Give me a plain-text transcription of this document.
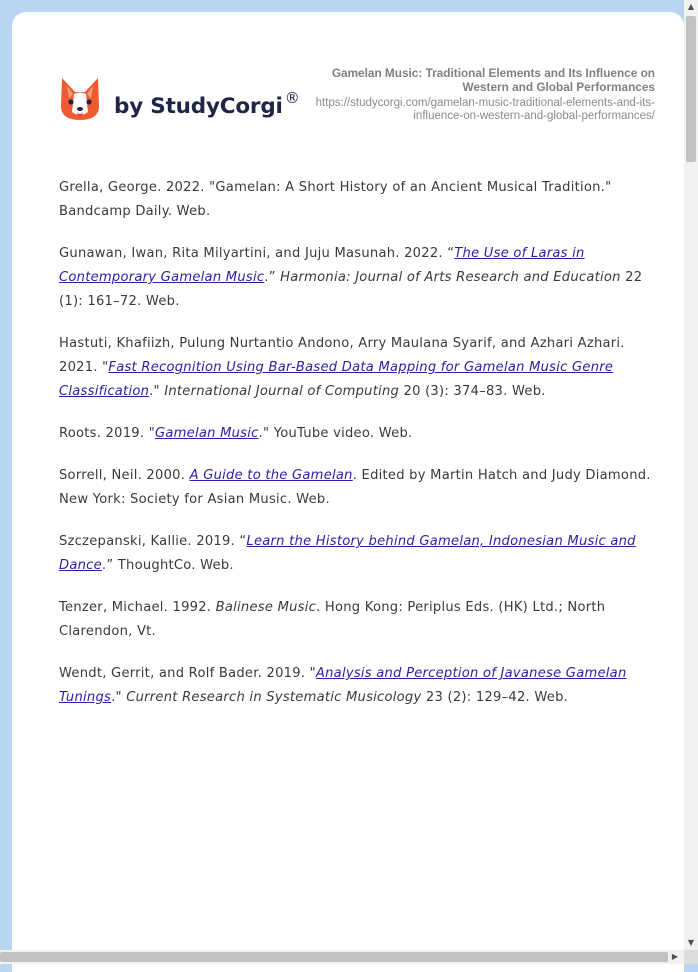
by StudyCorgi ®
Gamelan Music: Traditional Elements and Its Influence on Western and Global Performances
https://studycorgi.com/gamelan-music-traditional-elements-and-its-influence-on-western-and-global-performances/

Grella, George. 2022. "Gamelan: A Short History of an Ancient Musical Tradition." Bandcamp Daily. Web.

Gunawan, Iwan, Rita Milyartini, and Juju Masunah. 2022. “The Use of Laras in Contemporary Gamelan Music.” Harmonia: Journal of Arts Research and Education 22 (1): 161–72. Web.

Hastuti, Khafiizh, Pulung Nurtantio Andono, Arry Maulana Syarif, and Azhari Azhari. 2021. "Fast Recognition Using Bar-Based Data Mapping for Gamelan Music Genre Classification." International Journal of Computing 20 (3): 374–83. Web.

Roots. 2019. "Gamelan Music." YouTube video. Web.

Sorrell, Neil. 2000. A Guide to the Gamelan. Edited by Martin Hatch and Judy Diamond. New York: Society for Asian Music. Web.

Szczepanski, Kallie. 2019. “Learn the History behind Gamelan, Indonesian Music and Dance.” ThoughtCo. Web.

Tenzer, Michael. 1992. Balinese Music. Hong Kong: Periplus Eds. (HK) Ltd.; North Clarendon, Vt.

Wendt, Gerrit, and Rolf Bader. 2019. "Analysis and Perception of Javanese Gamelan Tunings." Current Research in Systematic Musicology 23 (2): 129–42. Web.

▲
▼
▶
